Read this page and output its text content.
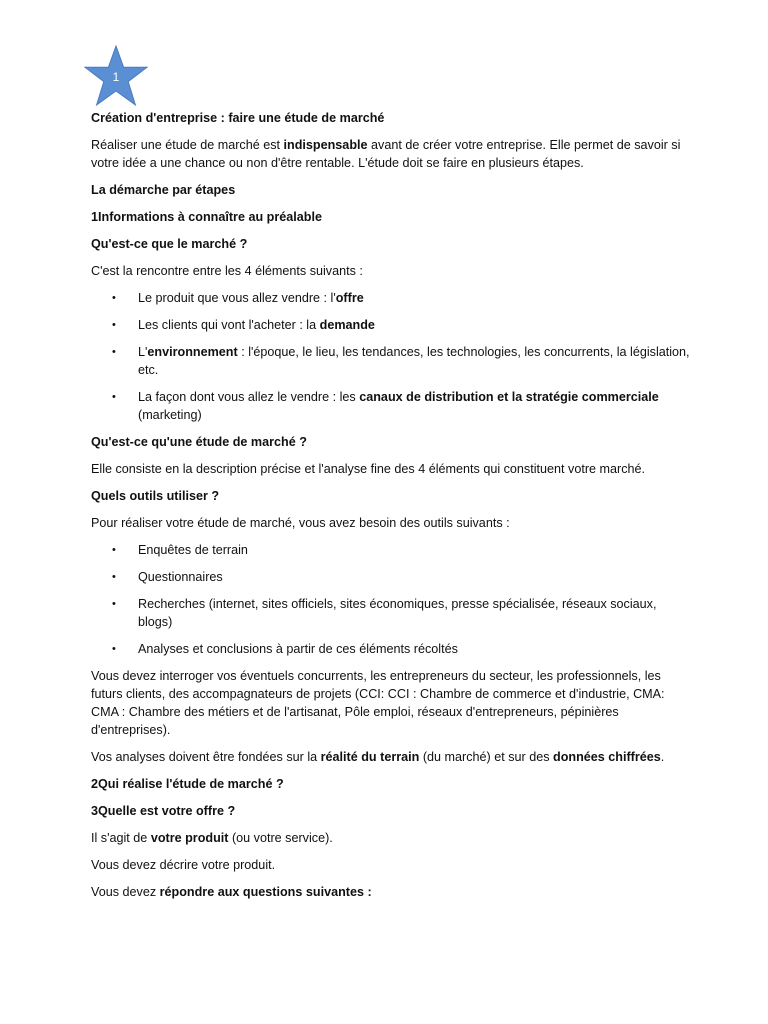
1

Création d'entreprise : faire une étude de marché

Réaliser une étude de marché est indispensable avant de créer votre entreprise. Elle permet de savoir si votre idée a une chance ou non d'être rentable. L'étude doit se faire en plusieurs étapes.

La démarche par étapes

1Informations à connaître au préalable

Qu'est-ce que le marché ?

C'est la rencontre entre les 4 éléments suivants :

• Le produit que vous allez vendre : l'offre
• Les clients qui vont l'acheter : la demande
• L'environnement : l'époque, le lieu, les tendances, les technologies, les concurrents, la législation, etc.
• La façon dont vous allez le vendre : les canaux de distribution et la stratégie commerciale (marketing)

Qu'est-ce qu'une étude de marché ?

Elle consiste en la description précise et l'analyse fine des 4 éléments qui constituent votre marché.

Quels outils utiliser ?

Pour réaliser votre étude de marché, vous avez besoin des outils suivants :

• Enquêtes de terrain
• Questionnaires
• Recherches (internet, sites officiels, sites économiques, presse spécialisée, réseaux sociaux, blogs)
• Analyses et conclusions à partir de ces éléments récoltés

Vous devez interroger vos éventuels concurrents, les entrepreneurs du secteur, les professionnels, les futurs clients, des accompagnateurs de projets (CCI: CCI : Chambre de commerce et d'industrie, CMA: CMA : Chambre des métiers et de l'artisanat, Pôle emploi, réseaux d'entrepreneurs, pépinières d'entreprises).

Vos analyses doivent être fondées sur la réalité du terrain (du marché) et sur des données chiffrées.

2Qui réalise l'étude de marché ?

3Quelle est votre offre ?

Il s'agit de votre produit (ou votre service).

Vous devez décrire votre produit.

Vous devez répondre aux questions suivantes :
